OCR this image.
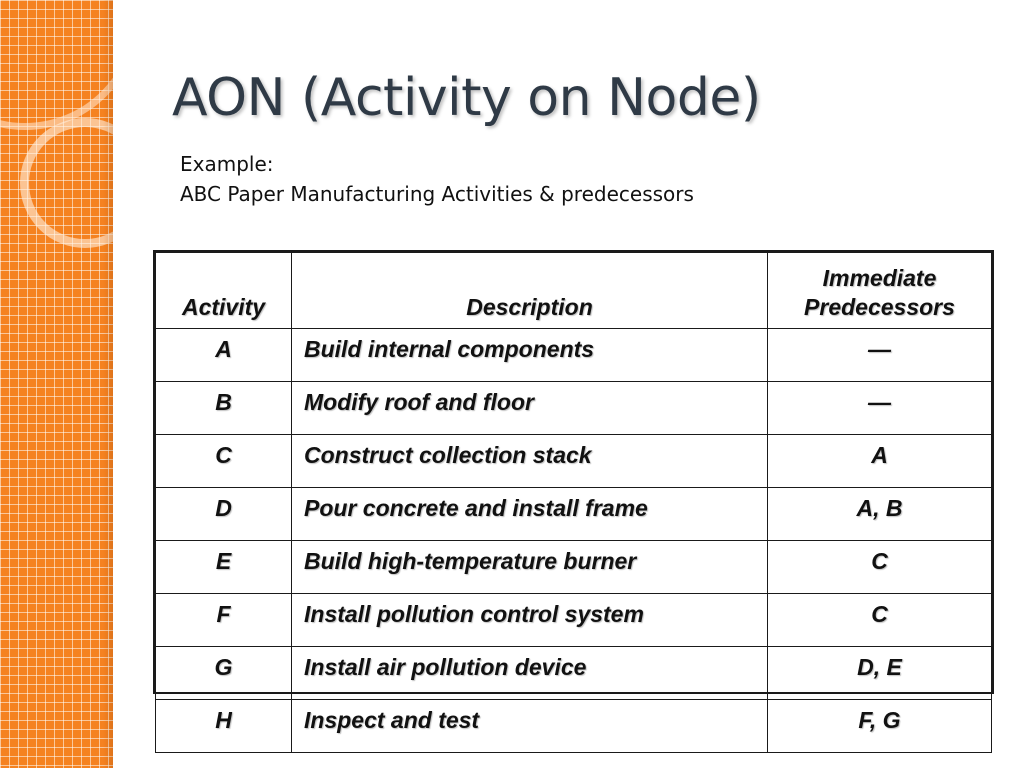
AON (Activity on Node)
Example:
ABC Paper Manufacturing Activities & predecessors
Activity	Description	Immediate
Predecessors

A	Build internal components	—
B	Modify roof and floor	—
C	Construct collection stack	A
D	Pour concrete and install frame	A, B
E	Build high-temperature burner	C
F	Install pollution control system	C
G	Install air pollution device	D, E
H	Inspect and test	F, G
